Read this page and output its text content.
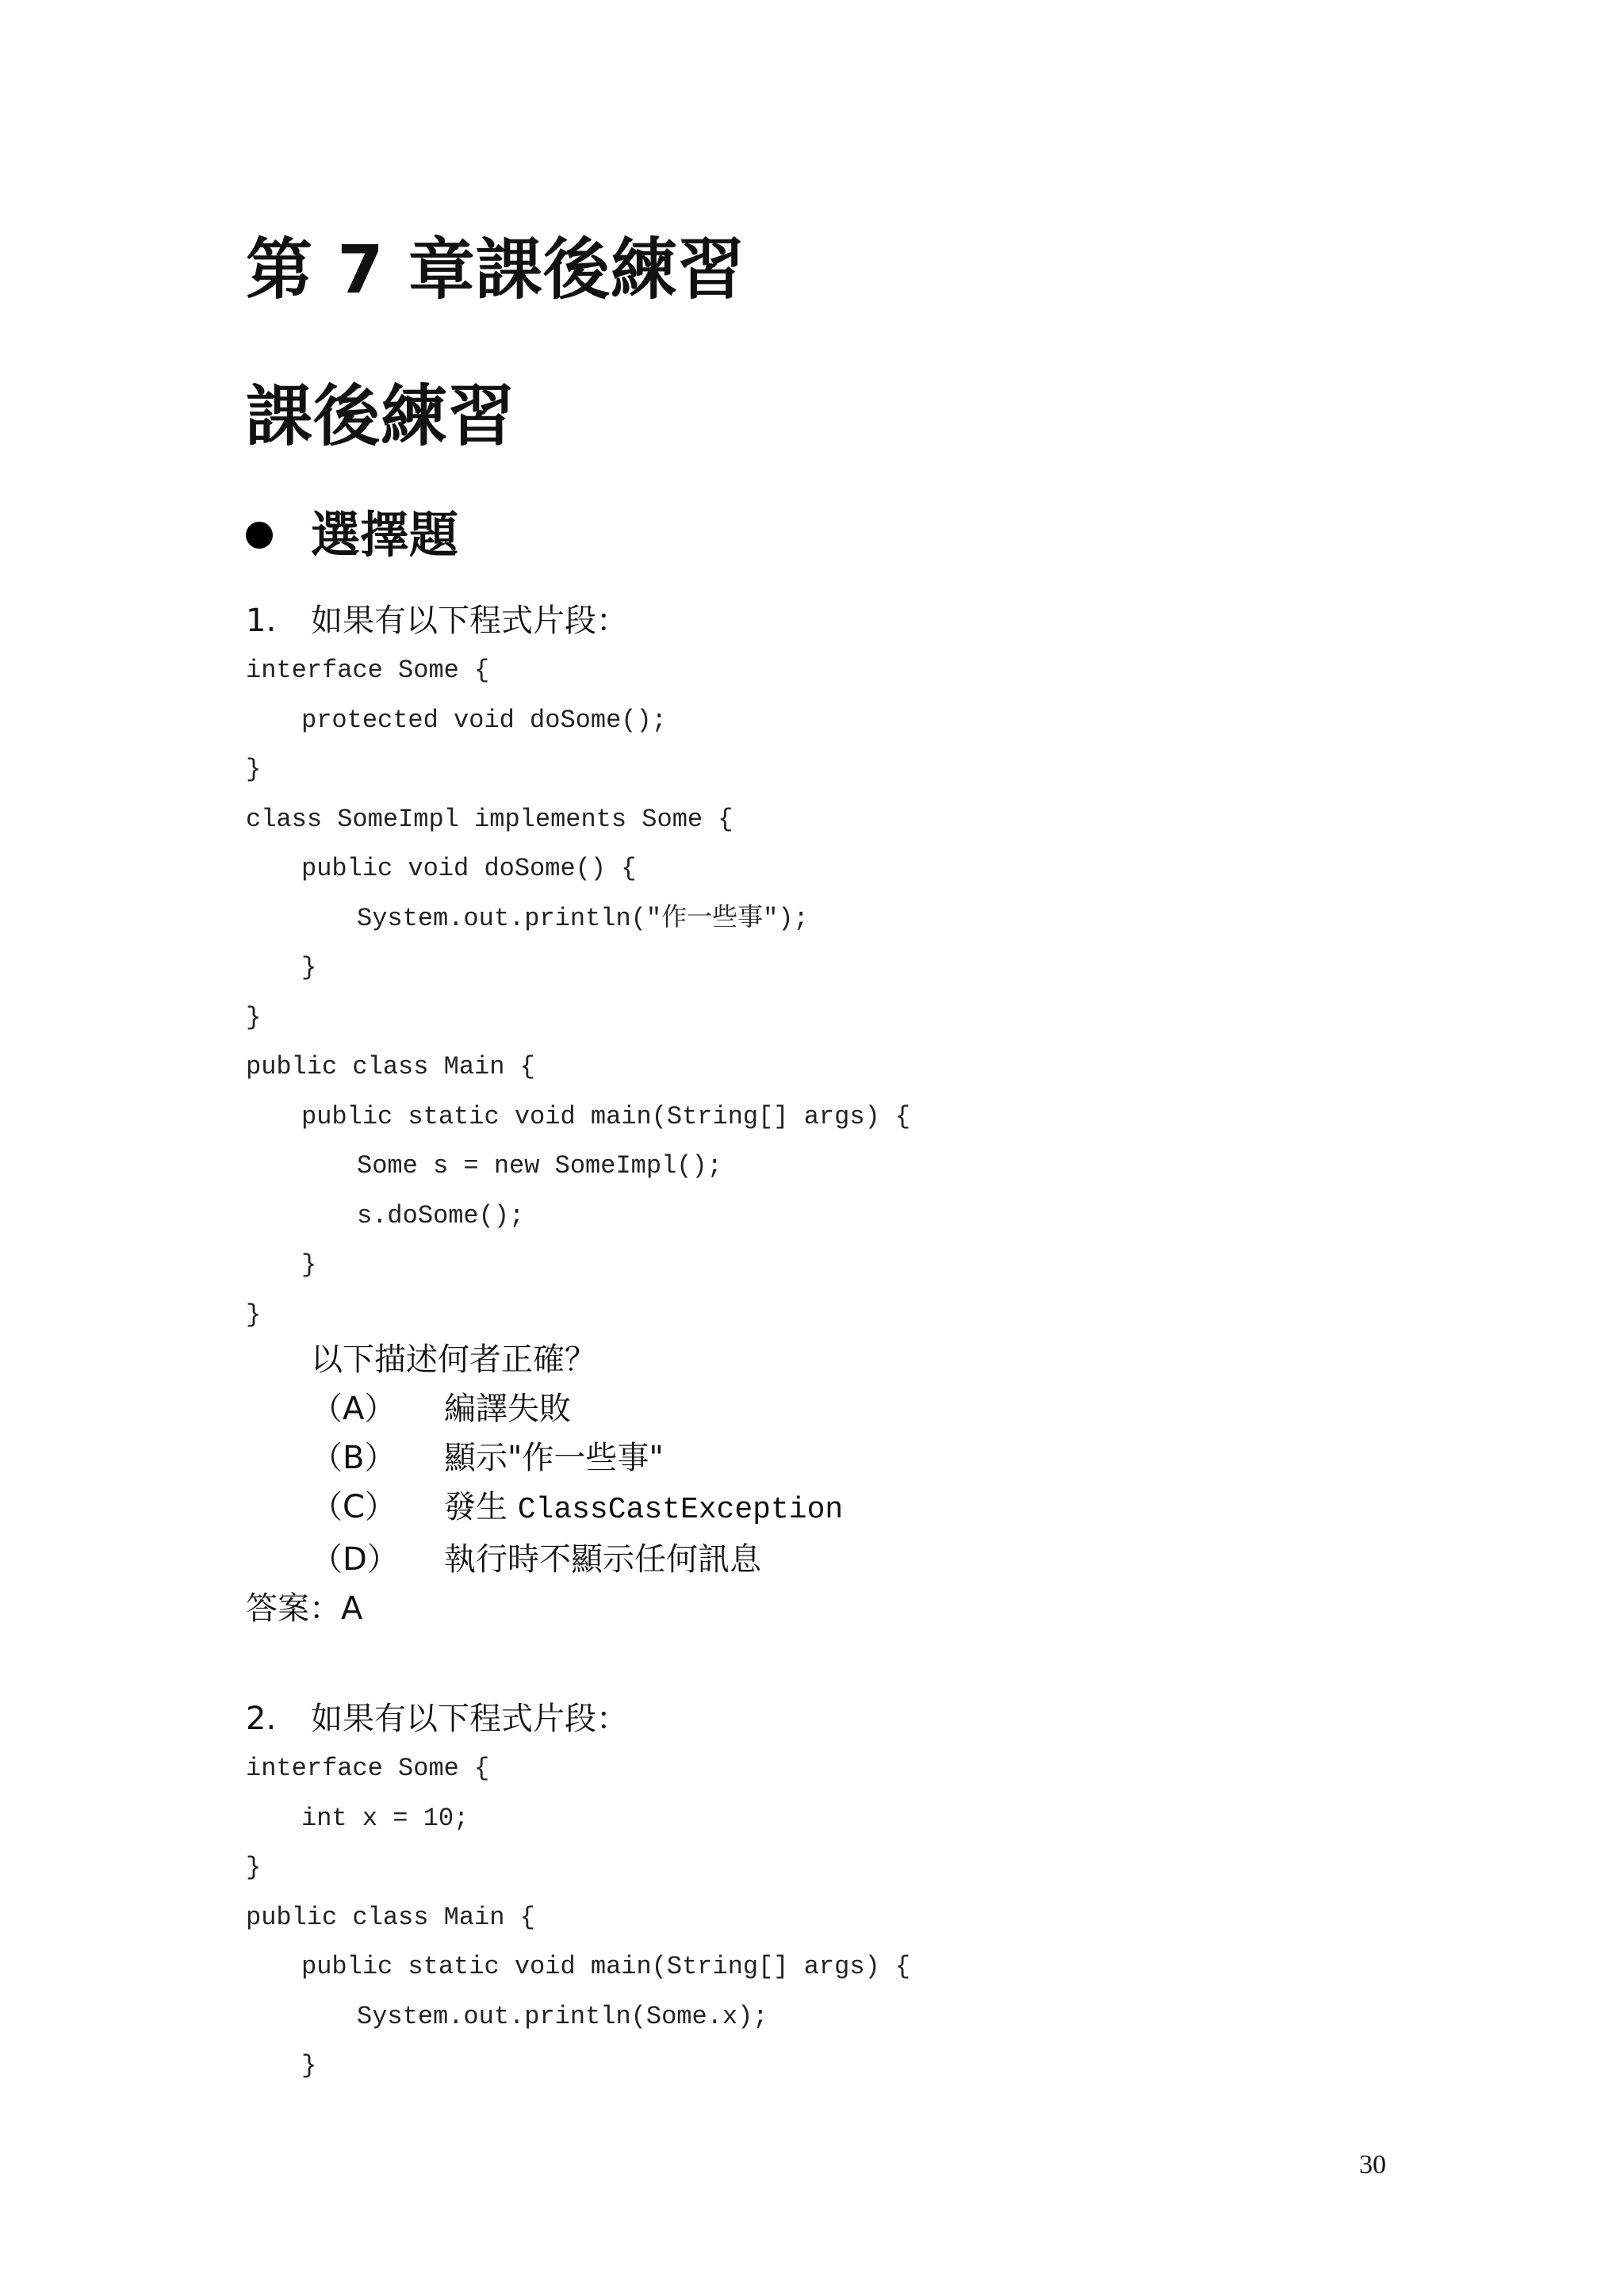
第 7 章課後練習
課後練習
選擇題
1.	如果有以下程式片段：
interface Some {
protected void doSome();
}
class SomeImpl implements Some {
public void doSome() {
System.out.println("作一些事");
}
}
public class Main {
public static void main(String[] args) {
Some s = new SomeImpl();
s.doSome();
}
}
以下描述何者正確？
（A）	編譯失敗
（B）	顯示"作一些事"
（C）	發生 ClassCastException
（D）	執行時不顯示任何訊息
答案：A
2.	如果有以下程式片段：
interface Some {
int x = 10;
}
public class Main {
public static void main(String[] args) {
System.out.println(Some.x);
}
30
